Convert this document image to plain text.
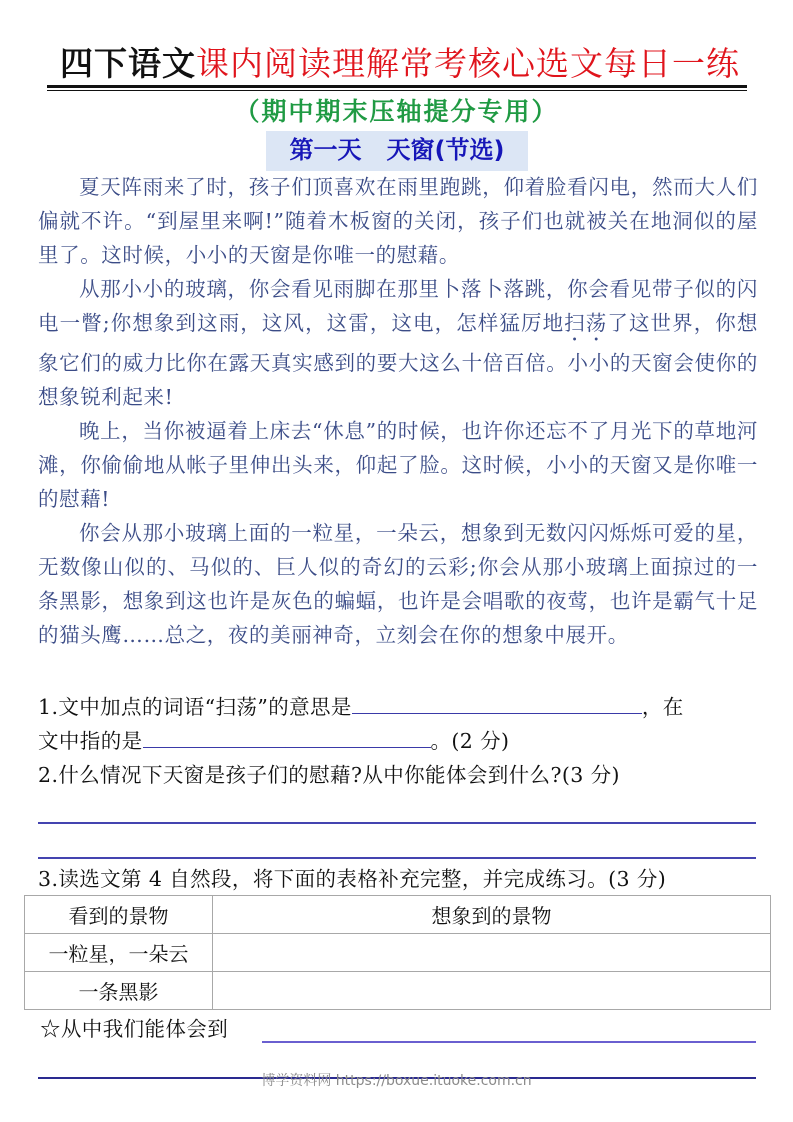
四下语文课内阅读理解常考核心选文每日一练
（期中期末压轴提分专用）
第一天   天窗(节选)

夏天阵雨来了时，孩子们顶喜欢在雨里跑跳，仰着脸看闪电，然而大人们偏就不许。“到屋里来啊!”随着木板窗的关闭，孩子们也就被关在地洞似的屋里了。这时候，小小的天窗是你唯一的慰藉。

从那小小的玻璃，你会看见雨脚在那里卜落卜落跳，你会看见带子似的闪电一瞥;你想象到这雨，这风，这雷，这电，怎样猛厉地扫荡了这世界，你想象它们的威力比你在露天真实感到的要大这么十倍百倍。小小的天窗会使你的想象锐利起来!

晚上，当你被逼着上床去“休息”的时候，也许你还忘不了月光下的草地河滩，你偷偷地从帐子里伸出头来，仰起了脸。这时候，小小的天窗又是你唯一的慰藉!

你会从那小玻璃上面的一粒星，一朵云，想象到无数闪闪烁烁可爱的星，无数像山似的、马似的、巨人似的奇幻的云彩;你会从那小玻璃上面掠过的一条黑影，想象到这也许是灰色的蝙蝠，也许是会唱歌的夜莺，也许是霸气十足的猫头鹰……总之，夜的美丽神奇，立刻会在你的想象中展开。

1.文中加点的词语“扫荡”的意思是	，在
文中指的是	。(2 分)
2.什么情况下天窗是孩子们的慰藉?从中你能体会到什么?(3 分)
3.读选文第 4 自然段，将下面的表格补充完整，并完成练习。(3 分)
看到的景物	想象到的景物
一粒星，一朵云	
一条黑影	
☆从中我们能体会到
博学资料网 https://boxue.ituoke.com.cn
